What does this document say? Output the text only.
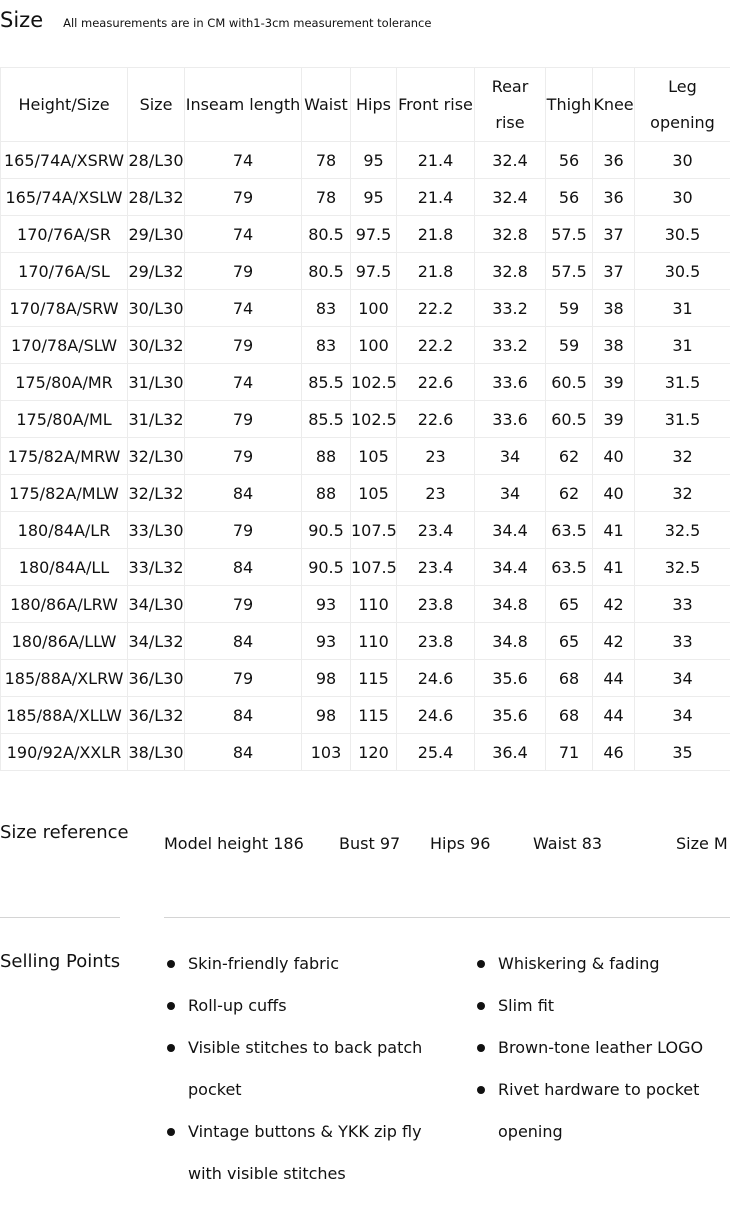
Size All measurements are in CM with1-3cm measurement tolerance
Height/Size	Size	Inseam length	Waist	Hips	Front rise	Rear rise	Thigh	Knee	Leg opening
165/74A/XSRW	28/L30	74	78	95	21.4	32.4	56	36	30
165/74A/XSLW	28/L32	79	78	95	21.4	32.4	56	36	30
170/76A/SR	29/L30	74	80.5	97.5	21.8	32.8	57.5	37	30.5
170/76A/SL	29/L32	79	80.5	97.5	21.8	32.8	57.5	37	30.5
170/78A/SRW	30/L30	74	83	100	22.2	33.2	59	38	31
170/78A/SLW	30/L32	79	83	100	22.2	33.2	59	38	31
175/80A/MR	31/L30	74	85.5	102.5	22.6	33.6	60.5	39	31.5
175/80A/ML	31/L32	79	85.5	102.5	22.6	33.6	60.5	39	31.5
175/82A/MRW	32/L30	79	88	105	23	34	62	40	32
175/82A/MLW	32/L32	84	88	105	23	34	62	40	32
180/84A/LR	33/L30	79	90.5	107.5	23.4	34.4	63.5	41	32.5
180/84A/LL	33/L32	84	90.5	107.5	23.4	34.4	63.5	41	32.5
180/86A/LRW	34/L30	79	93	110	23.8	34.8	65	42	33
180/86A/LLW	34/L32	84	93	110	23.8	34.8	65	42	33
185/88A/XLRW	36/L30	79	98	115	24.6	35.6	68	44	34
185/88A/XLLW	36/L32	84	98	115	24.6	35.6	68	44	34
190/92A/XXLR	38/L30	84	103	120	25.4	36.4	71	46	35
Size reference
Model height 186 Bust 97 Hips 96	Waist 83	Size M
Selling Points	Skin-friendly fabric
Roll-up cuffs
Visible stitches to back patch pocket
Vintage buttons & YKK zip fly with visible stitches
Whiskering & fading
Slim fit
Brown-tone leather LOGO
Rivet hardware to pocket opening
